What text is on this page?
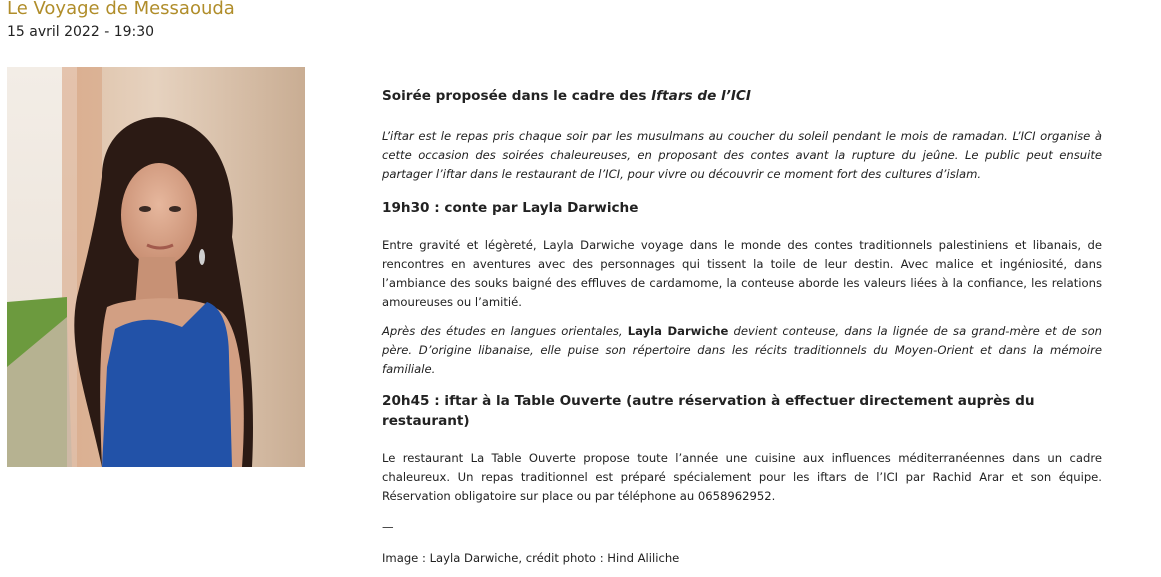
Le Voyage de Messaouda

15 avril 2022 - 19:30

Soirée proposée dans le cadre des Iftars de l’ICI

L’iftar est le repas pris chaque soir par les musulmans au coucher du soleil pendant le mois de ramadan. L’ICI organise à cette occasion des soirées chaleureuses, en proposant des contes avant la rupture du jeûne. Le public peut ensuite partager l’iftar dans le restaurant de l’ICI, pour vivre ou découvrir ce moment fort des cultures d’islam.

19h30 : conte par Layla Darwiche

Entre gravité et légèreté, Layla Darwiche voyage dans le monde des contes traditionnels palestiniens et libanais, de rencontres en aventures avec des personnages qui tissent la toile de leur destin. Avec malice et ingéniosité, dans l’ambiance des souks baigné des effluves de cardamome, la conteuse aborde les valeurs liées à la confiance, les relations amoureuses ou l’amitié.

Après des études en langues orientales, Layla Darwiche devient conteuse, dans la lignée de sa grand-mère et de son père. D’origine libanaise, elle puise son répertoire dans les récits traditionnels du Moyen-Orient et dans la mémoire familiale.

20h45 : iftar à la Table Ouverte (autre réservation à effectuer directement auprès du restaurant)

Le restaurant La Table Ouverte propose toute l’année une cuisine aux influences méditerranéennes dans un cadre chaleureux. Un repas traditionnel est préparé spécialement pour les iftars de l’ICI par Rachid Arar et son équipe. Réservation obligatoire sur place ou par téléphone au 0658962952.

—

Image : Layla Darwiche, crédit photo : Hind Aliliche
